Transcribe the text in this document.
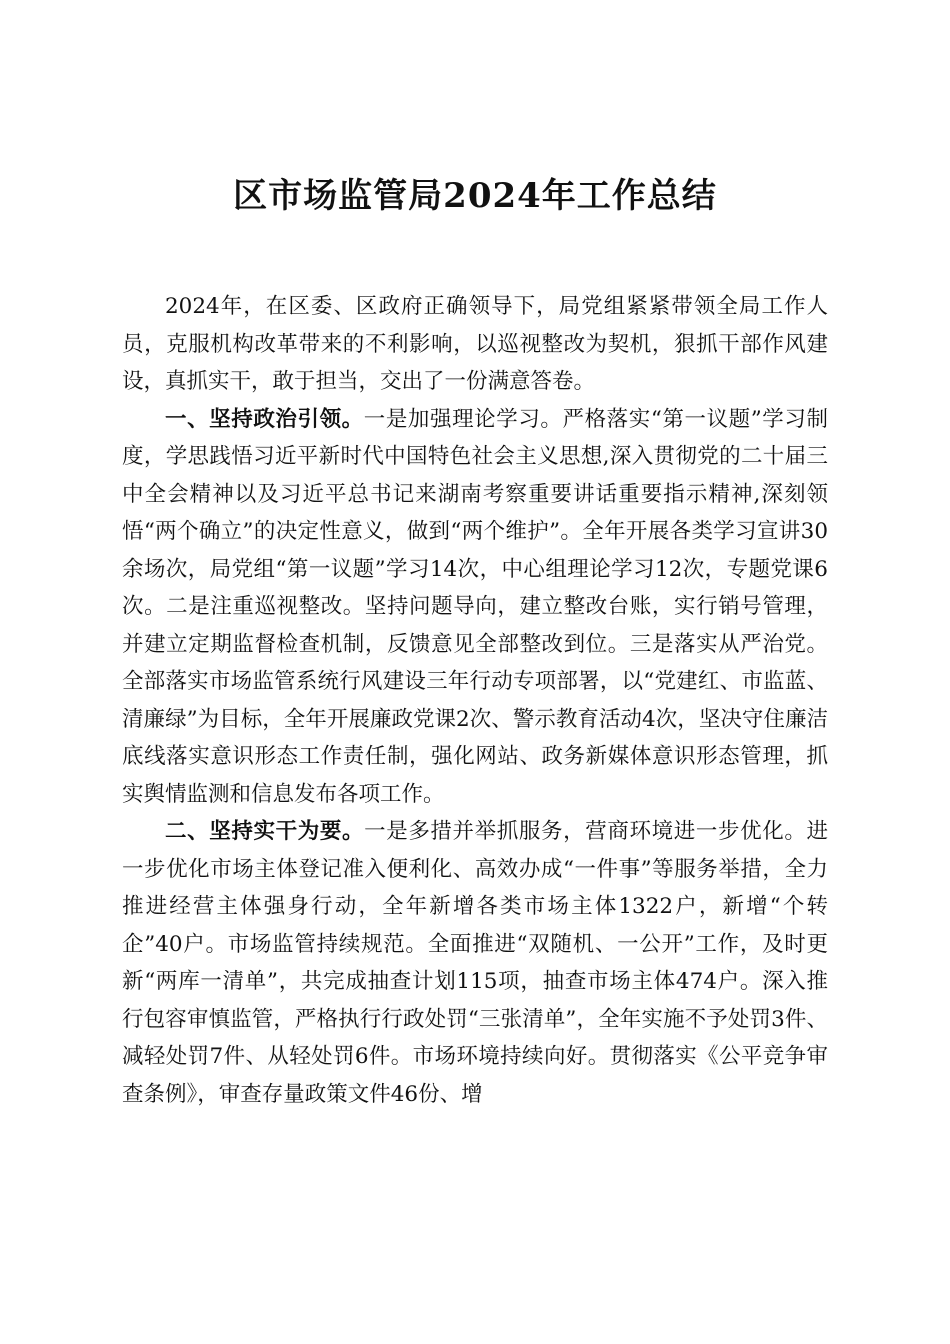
区市场监管局2024年工作总结

2024年，在区委、区政府正确领导下，局党组紧紧带领全局工作人员，克服机构改革带来的不利影响，以巡视整改为契机，狠抓干部作风建设，真抓实干，敢于担当，交出了一份满意答卷。

一、坚持政治引领。一是加强理论学习。严格落实“第一议题”学习制度，学思践悟习近平新时代中国特色社会主义思想,深入贯彻党的二十届三中全会精神以及习近平总书记来湖南考察重要讲话重要指示精神,深刻领悟“两个确立”的决定性意义，做到“两个维护”。全年开展各类学习宣讲30余场次，局党组“第一议题”学习14次，中心组理论学习12次，专题党课6次。二是注重巡视整改。坚持问题导向，建立整改台账，实行销号管理，并建立定期监督检查机制，反馈意见全部整改到位。三是落实从严治党。全部落实市场监管系统行风建设三年行动专项部署，以“党建红、市监蓝、清廉绿”为目标，全年开展廉政党课2次、警示教育活动4次，坚决守住廉洁底线落实意识形态工作责任制，强化网站、政务新媒体意识形态管理，抓实舆情监测和信息发布各项工作。

二、坚持实干为要。一是多措并举抓服务，营商环境进一步优化。进一步优化市场主体登记准入便利化、高效办成“一件事”等服务举措，全力推进经营主体强身行动，全年新增各类市场主体1322户，新增“个转企”40户。市场监管持续规范。全面推进“双随机、一公开”工作，及时更新“两库一清单”，共完成抽查计划115项，抽查市场主体474户。深入推行包容审慎监管，严格执行行政处罚“三张清单”，全年实施不予处罚3件、减轻处罚7件、从轻处罚6件。市场环境持续向好。贯彻落实《公平竞争审查条例》，审查存量政策文件46份、增
